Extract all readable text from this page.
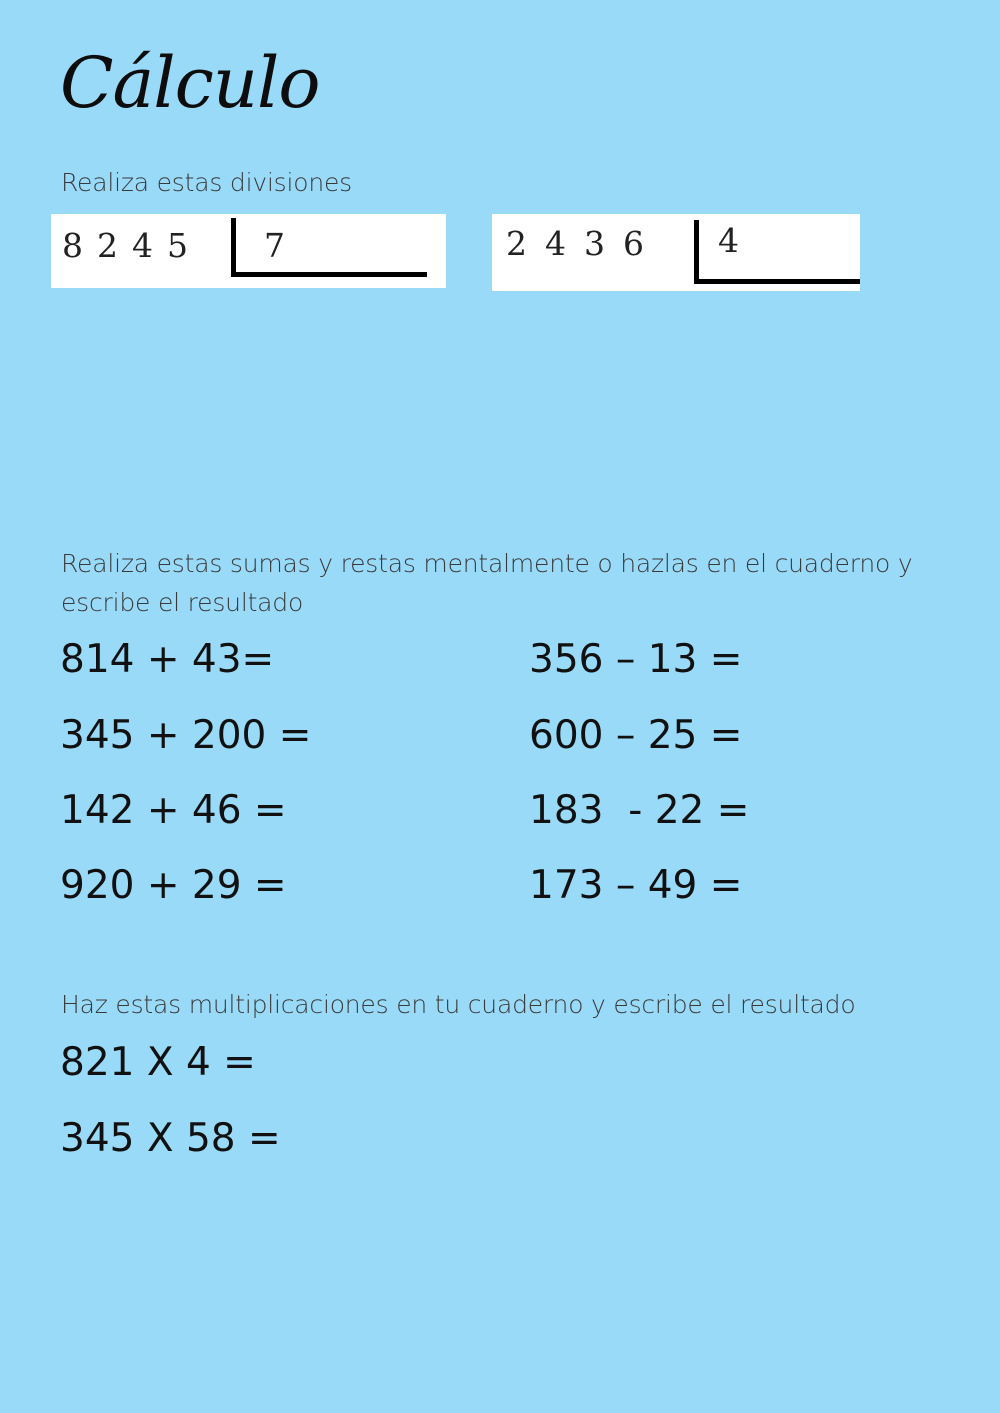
Cálculo
Realiza estas divisiones
8245 7	2436 4
Realiza estas sumas y restas mentalmente o hazlas en el cuaderno y
escribe el resultado
814 + 43=
345 + 200 =
142 + 46 =
920 + 29 =
356 – 13 =
600 – 25 =
183  - 22 =
173 – 49 =
Haz estas multiplicaciones en tu cuaderno y escribe el resultado
821 X 4 =
345 X 58 =
